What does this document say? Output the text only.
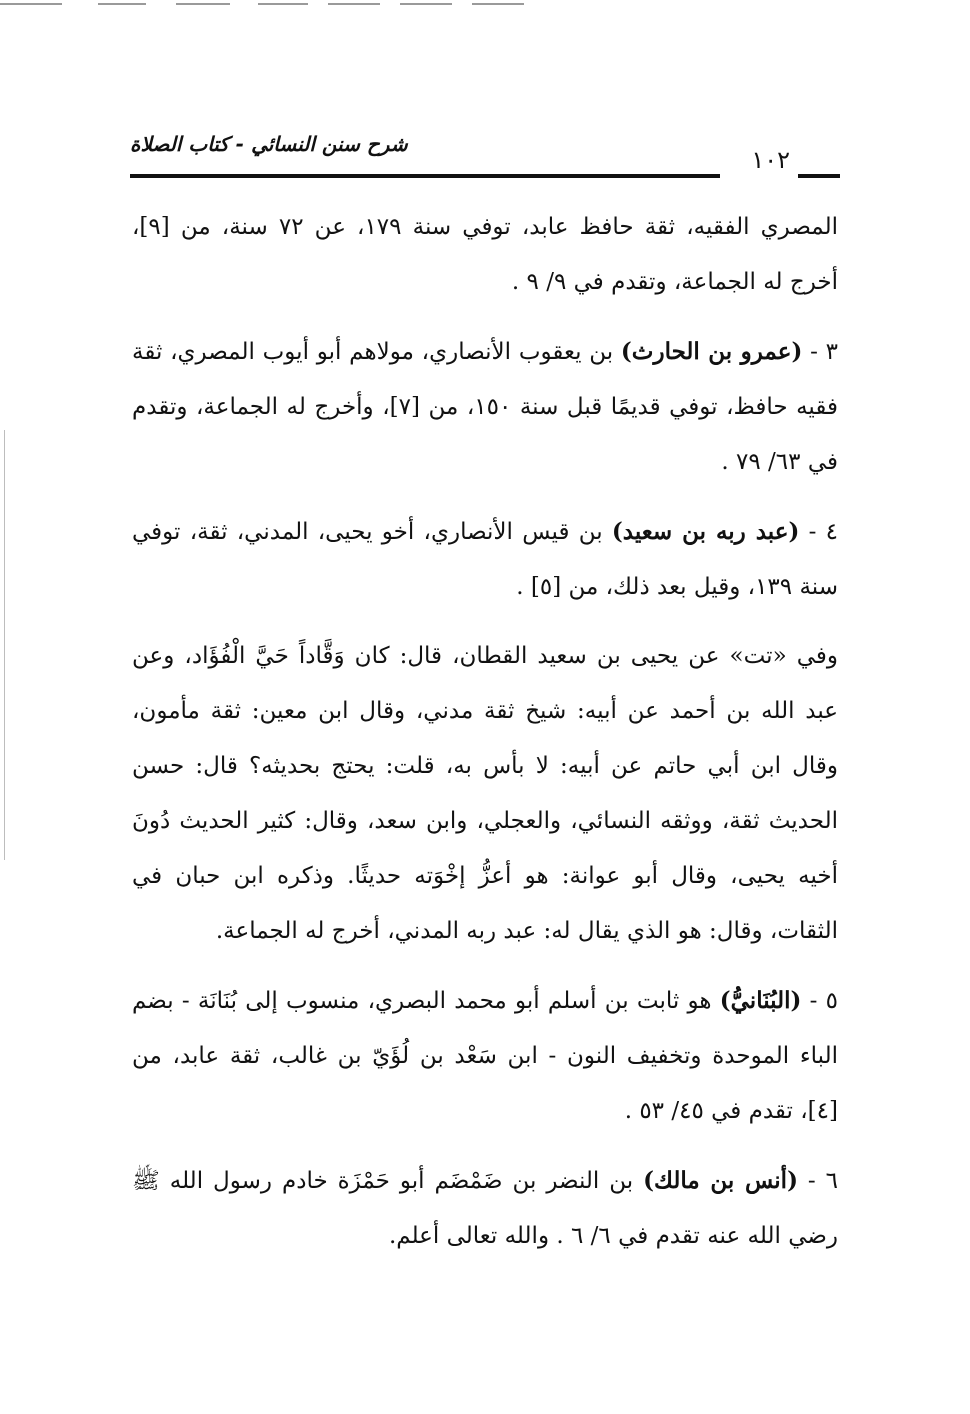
شرح سنن النسائي - كتاب الصلاة
١٠٢

المصري الفقيه، ثقة حافظ عابد، توفي سنة ١٧٩، عن ٧٢ سنة، من [٩]، أخرج له الجماعة، وتقدم في ٩/ ٩ .

٣ - (عمرو بن الحارث) بن يعقوب الأنصاري، مولاهم أبو أيوب المصري، ثقة فقيه حافظ، توفي قديمًا قبل سنة ١٥٠، من [٧]، وأخرج له الجماعة، وتقدم في ٦٣/ ٧٩ .

٤ - (عبد ربه بن سعيد) بن قيس الأنصاري، أخو يحيى، المدني، ثقة، توفي سنة ١٣٩، وقيل بعد ذلك، من [٥] .

وفي «تت» عن يحيى بن سعيد القطان، قال: كان وَقَّاداً حَيَّ الْفُؤَاد، وعن عبد الله بن أحمد عن أبيه: شيخ ثقة مدني، وقال ابن معين: ثقة مأمون، وقال ابن أبي حاتم عن أبيه: لا بأس به، قلت: يحتج بحديثه؟ قال: حسن الحديث ثقة، ووثقه النسائي، والعجلي، وابن سعد، وقال: كثير الحديث دُونَ أخيه يحيى، وقال أبو عوانة: هو أعزُّ إخْوَته حديثًا. وذكره ابن حبان في الثقات، وقال: هو الذي يقال له: عبد ربه المدني، أخرج له الجماعة.

٥ - (البُنَانيُّ) هو ثابت بن أسلم أبو محمد البصري، منسوب إلى بُنَانَة - بضم الباء الموحدة وتخفيف النون - ابن سَعْد بن لُؤَيّ بن غالب، ثقة عابد، من [٤]، تقدم في ٤٥/ ٥٣ .

٦ - (أنس بن مالك) بن النضر بن ضَمْضَم أبو حَمْزَة خادم رسول الله ﷺ رضي الله عنه تقدم في ٦/ ٦ . والله تعالى أعلم.
